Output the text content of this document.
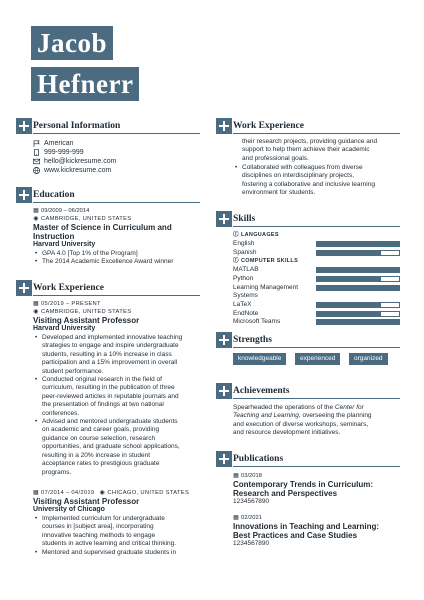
Jacob
Hefnerr
Personal Information
American
999-999-999
hello@kickresume.com
www.kickresume.com
Education
▦ 09/2009 – 06/2014
◉ CAMBRIDGE, UNITED STATES
Master of Science in Curriculum and
Instruction
Harvard University
• GPA 4.0 [Top 1% of the Program]
• The 2014 Academic Excellence Award winner
Work Experience
▦ 05/2019 – PRESENT
◉ CAMBRIDGE, UNITED STATES
Visiting Assistant Professor
Harvard University
• Developed and implemented innovative teaching
strategies to engage and inspire undergraduate
students, resulting in a 10% increase in class
participation and a 15% improvement in overall
student performance.
• Conducted original research in the field of
curriculum, resulting in the publication of three
peer-reviewed articles in reputable journals and
the presentation of findings at two national
conferences.
• Advised and mentored undergraduate students
on academic and career goals, providing
guidance on course selection, research
opportunities, and graduate school applications,
resulting in a 20% increase in student
acceptance rates to prestigious graduate
programs.
▦ 07/2014 – 04/2019 ◉ CHICAGO, UNITED STATES
Visiting Assistant Professor
University of Chicago
• Implemented curriculum for undergraduate
courses in [subject area], incorporating
innovative teaching methods to engage
students in active learning and critical thinking.
• Mentored and supervised graduate students in
Work Experience
their research projects, providing guidance and
support to help them achieve their academic
and professional goals.
• Collaborated with colleagues from diverse
disciplines on interdisciplinary projects,
fostering a collaborative and inclusive learning
environment for students.
Skills
Ⓘ LANGUAGES
English
Spanish
Ⓘ COMPUTER SKILLS
MATLAB
Python
Learning Management
Systems
LaTeX
EndNote
Microsoft Teams
Strengths
knowledgeable	experienced	organized
Achievements
Spearheaded the operations of the Center for
Teaching and Learning, overseeing the planning
and execution of diverse workshops, seminars,
and resource development initiatives.
Publications
▦ 03/2018
Contemporary Trends in Curriculum:
Research and Perspectives
1234567890
▦ 02/2021
Innovations in Teaching and Learning:
Best Practices and Case Studies
1234567890
